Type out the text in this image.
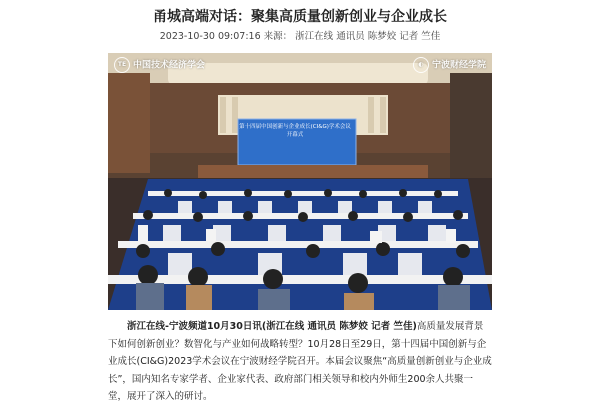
甬城高端对话：聚集高质量创新创业与企业成长
2023-10-30 09:07:16 来源： 浙江在线 通讯员 陈梦姣 记者 竺佳
TE 中国技术经济学会	◐ 宁波财经学院
第十四届中国创新与企业成长(CI&G)学术会议
开幕式

浙江在线-宁波频道10月30日讯(浙江在线 通讯员 陈梦姣 记者 竺佳)高质量发展背景下如何创新创业？数智化与产业如何战略转型？10月28日至29日，第十四届中国创新与企业成长(CI&G)2023学术会议在宁波财经学院召开。本届会议聚焦“高质量创新创业与企业成长”，国内知名专家学者、企业家代表、政府部门相关领导和校内外师生200余人共聚一堂，展开了深入的研讨。
